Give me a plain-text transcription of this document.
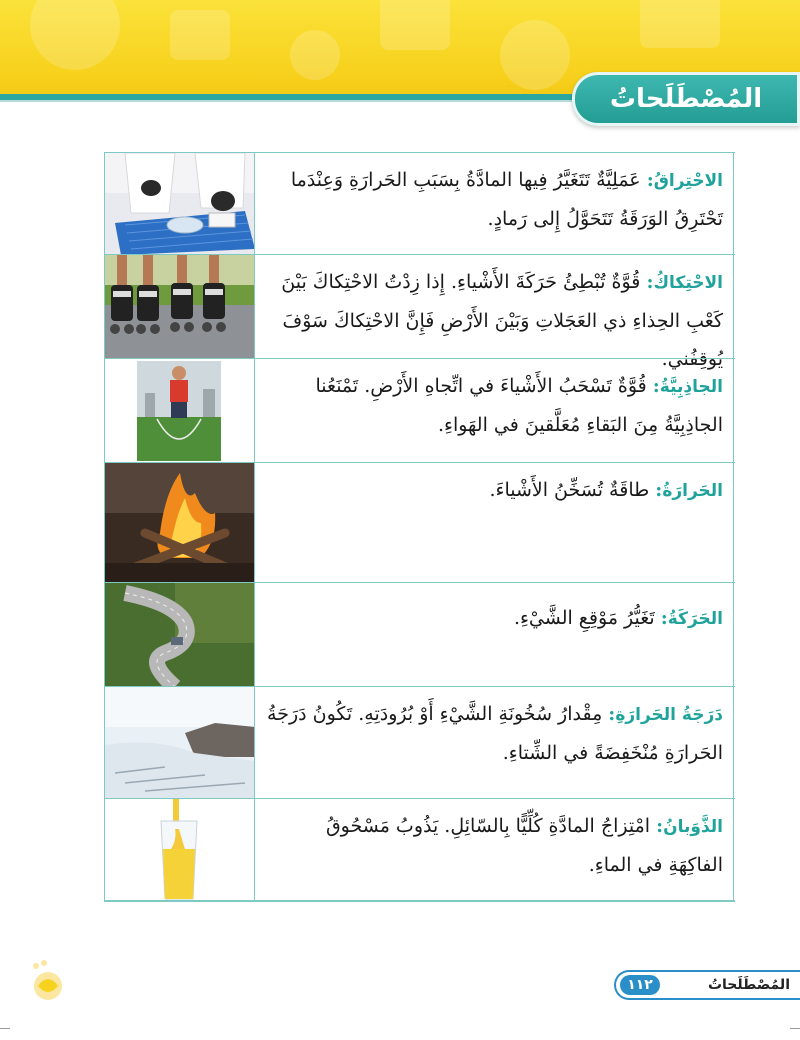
المُصْطَلَحاتُ
الاحْتِراقُ: عَمَلِيَّةٌ تَتَغَيَّرُ فِيها المادَّةُ بِسَبَبِ الحَرارَةِ وَعِنْدَما تَحْتَرِقُ الوَرَقَةُ تَتَحَوَّلُ إِلى رَمادٍ.
الاحْتِكاكُ: قُوَّةٌ تُبْطِئُ حَرَكَةَ الأَشْياءِ. إِذا زِدْتُ الاحْتِكاكَ بَيْنَ كَعْبِ الحِذاءِ ذي العَجَلاتِ وَبَيْنَ الأَرْضِ فَإِنَّ الاحْتِكاكَ سَوْفَ يُوقِفُني.
الجاذِبِيَّةُ: قُوَّةٌ تَسْحَبُ الأَشْياءَ في اتِّجاهِ الأَرْضِ. تَمْنَعُنا الجاذِبِيَّةُ مِنَ البَقاءِ مُعَلَّقينَ في الهَواءِ.
الحَرارَةُ: طاقَةٌ تُسَخِّنُ الأَشْياءَ.
الحَرَكَةُ: تَغَيُّرُ مَوْقِعِ الشَّيْءِ.
دَرَجَةُ الحَرارَةِ: مِقْدارُ سُخُونَةِ الشَّيْءِ أَوْ بُرُودَتِهِ. تَكُونُ دَرَجَةُ الحَرارَةِ مُنْخَفِضَةً في الشِّتاءِ.
الذَّوَبانُ: امْتِزاجُ المادَّةِ كُلِّيًّا بِالسّائِلِ. يَذُوبُ مَسْحُوقُ الفاكِهَةِ في الماءِ.
المُصْطَلَحاتُ
١١٢
